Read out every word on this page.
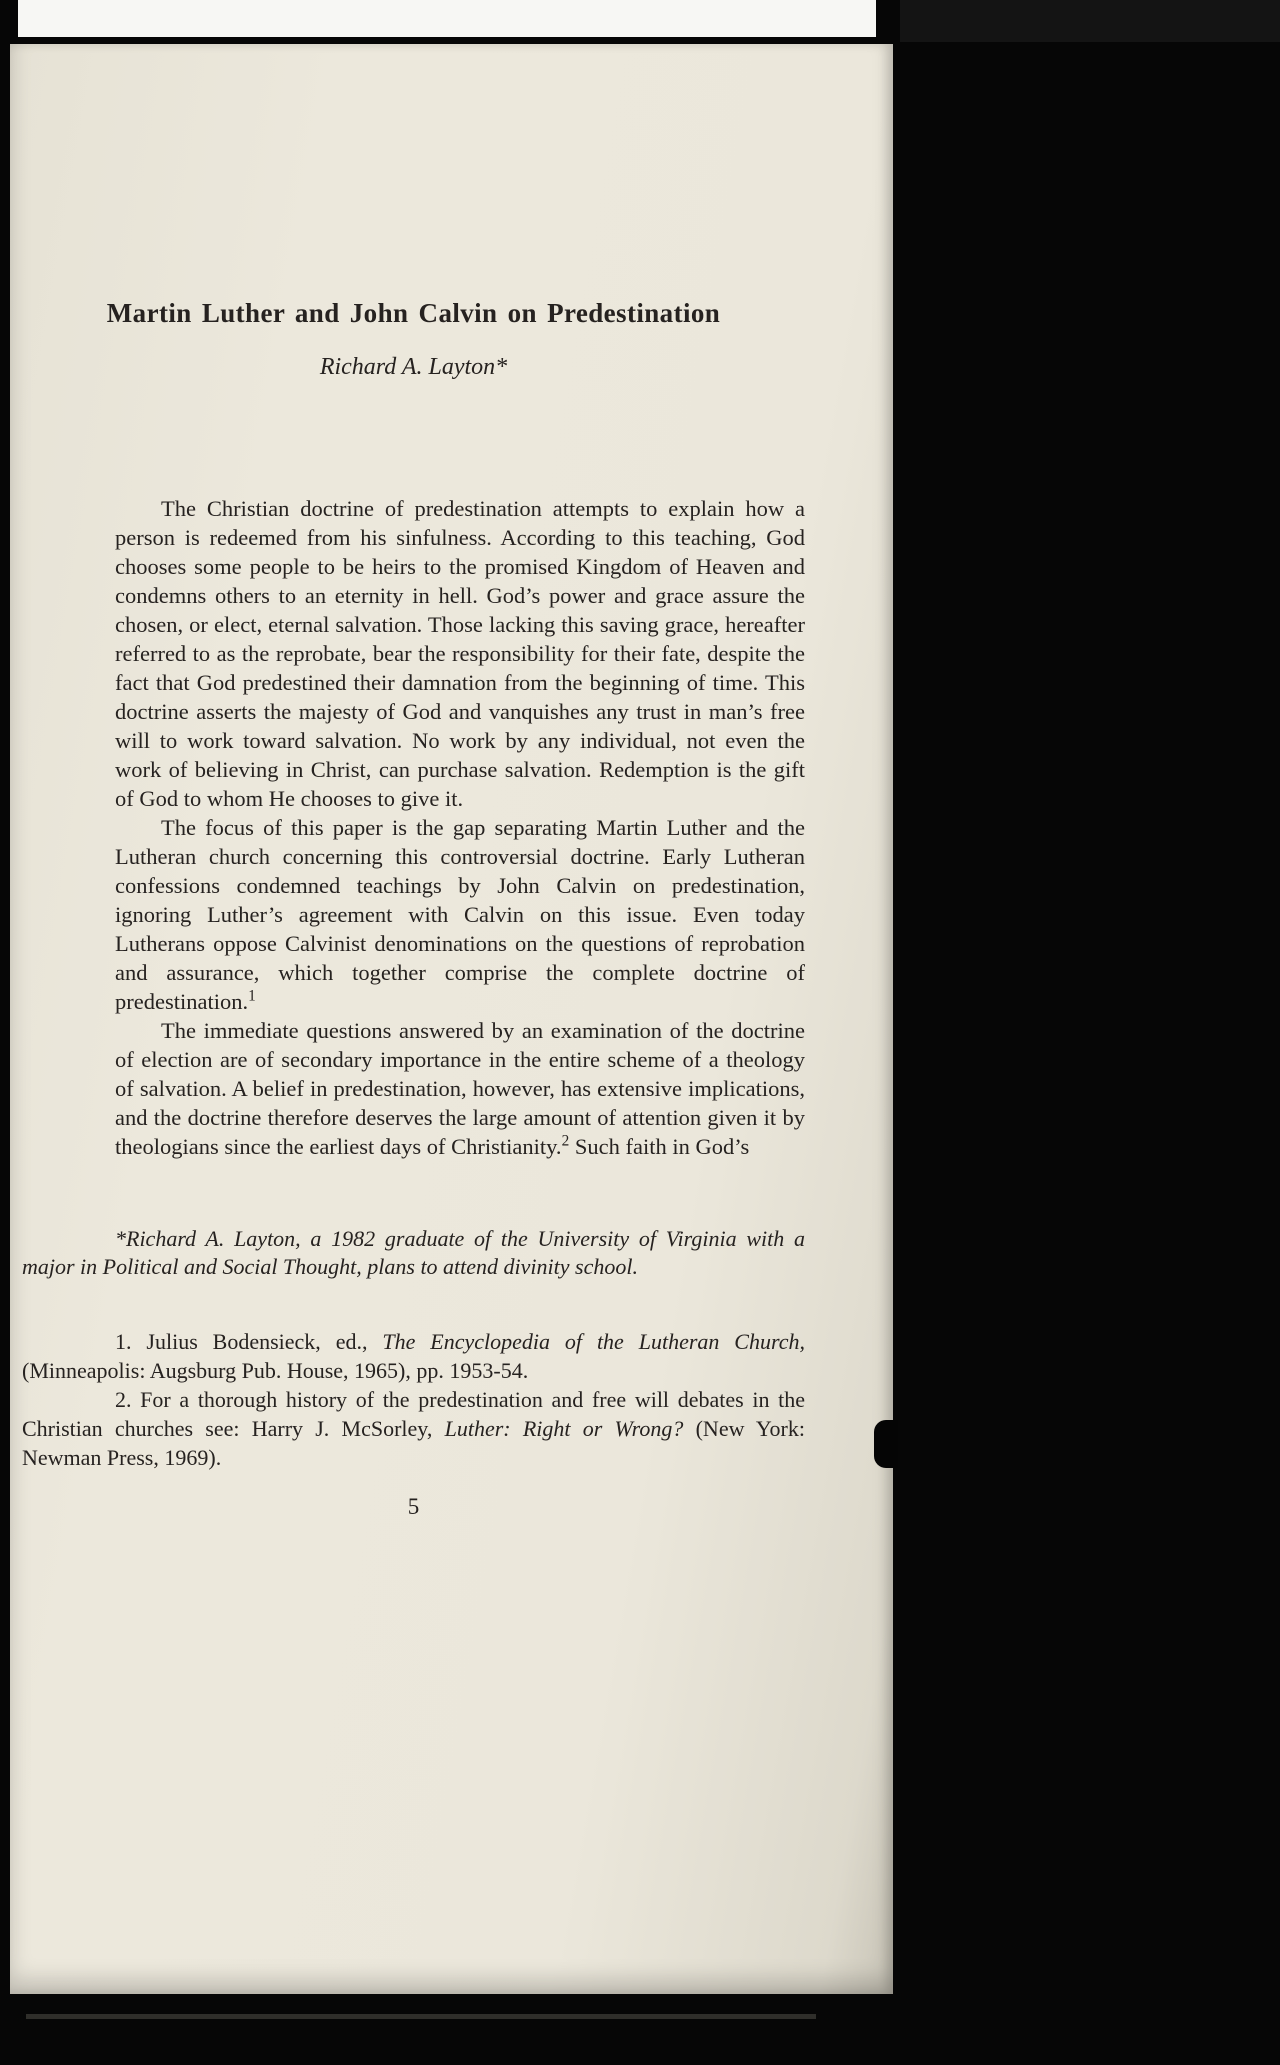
Martin Luther and John Calvin on Predestination
Richard A. Layton*

The Christian doctrine of predestination attempts to explain how a person is redeemed from his sinfulness. According to this teaching, God chooses some people to be heirs to the promised Kingdom of Heaven and condemns others to an eternity in hell. God’s power and grace assure the chosen, or elect, eternal salvation. Those lacking this saving grace, hereafter referred to as the reprobate, bear the responsibility for their fate, despite the fact that God predestined their damnation from the beginning of time. This doctrine asserts the majesty of God and vanquishes any trust in man’s free will to work toward salvation. No work by any individual, not even the work of believing in Christ, can purchase salvation. Redemption is the gift of God to whom He chooses to give it.

The focus of this paper is the gap separating Martin Luther and the Lutheran church concerning this controversial doctrine. Early Lutheran confessions condemned teachings by John Calvin on predestination, ignoring Luther’s agreement with Calvin on this issue. Even today Lutherans oppose Calvinist denominations on the questions of reprobation and assurance, which together comprise the complete doctrine of predestination.$^1$

The immediate questions answered by an examination of the doctrine of election are of secondary importance in the entire scheme of a theology of salvation. A belief in predestination, however, has extensive implications, and the doctrine therefore deserves the large amount of attention given it by theologians since the earliest days of Christianity.$^2$ Such faith in God’s

*Richard A. Layton, a 1982 graduate of the University of Virginia with a major in Political and Social Thought, plans to attend divinity school.

1. Julius Bodensieck, ed., The Encyclopedia of the Lutheran Church, (Minneapolis: Augsburg Pub. House, 1965), pp. 1953-54.

2. For a thorough history of the predestination and free will debates in the Christian churches see: Harry J. McSorley, Luther: Right or Wrong? (New York: Newman Press, 1969).

5
